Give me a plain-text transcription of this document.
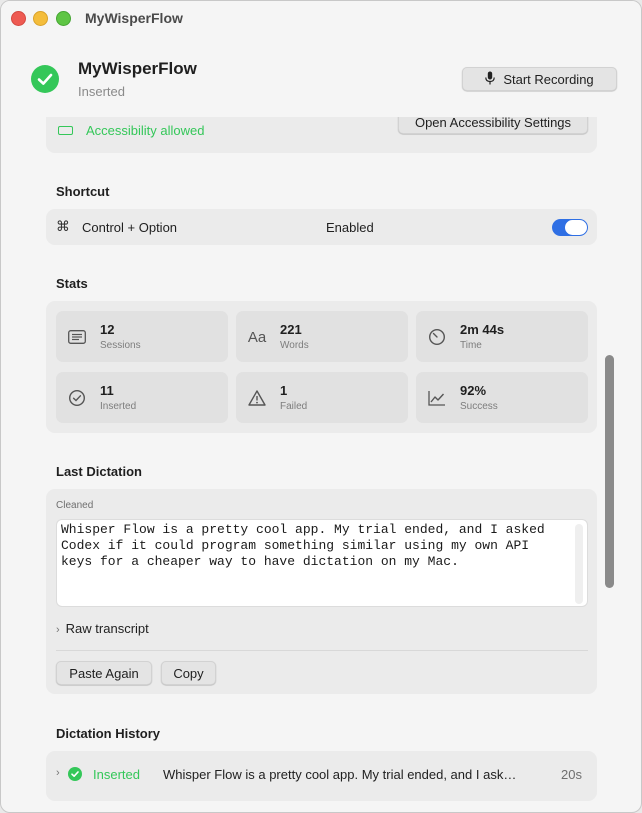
MyWisperFlow
MyWisperFlow
Inserted
Start Recording
Accessibility allowed
Open Accessibility Settings
Shortcut
⌘ Control + Option	Enabled
Stats
12
Sessions	Aa 221
Words
2m 44s
Time
11
Inserted
1
Failed
92%
Success
Last Dictation
Cleaned
Whisper Flow is a pretty cool app. My trial ended, and I asked Codex if it could program something similar using my own API keys for a cheaper way to have dictation on my Mac.
› Raw transcript
Paste Again	Copy
Dictation History
›	Inserted Whisper Flow is a pretty cool app. My trial ended, and I ask…	20s
